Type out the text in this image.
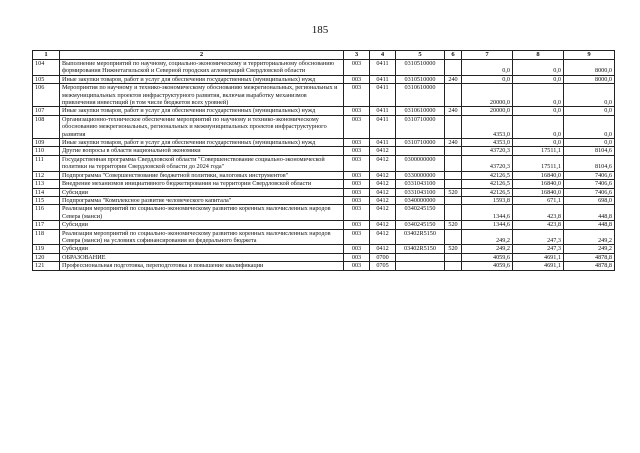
185
1	2	3	4	5	6	7	8	9
104	Выполнение мероприятий по научному, социально-экономическому и территориальному обоснованию формирования Нижнетагильской и Северной городских агломераций Свердловской области	003	0411	0310510000		0,0	0,0	8000,0
105	Иные закупки товаров, работ и услуг для обеспечения государственных (муниципальных) нужд	003	0411	0310510000	240	0,0	0,0	8000,0
106	Мероприятия по научному и технико-экономическому обоснованию межрегиональных, региональных и межмуниципальных проектов инфраструктурного развития, включая выработку механизмов привлечения инвестиций (в том числе бюджетов всех уровней)	003	0411	0310610000		20000,0	0,0	0,0
107	Иные закупки товаров, работ и услуг для обеспечения государственных (муниципальных) нужд	003	0411	0310610000	240	20000,0	0,0	0,0
108	Организационно-техническое обеспечение мероприятий по научному и технико-экономическому обоснованию межрегиональных, региональных и межмуниципальных проектов инфраструктурного развития	003	0411	0310710000		4353,0	0,0	0,0
109	Иные закупки товаров, работ и услуг для обеспечения государственных (муниципальных) нужд	003	0411	0310710000	240	4353,0	0,0	0,0
110	Другие вопросы в области национальной экономики	003	0412			43720,3	17511,1	8104,6
111	Государственная программа Свердловской области "Совершенствование социально-экономической политики на территории Свердловской области до 2024 года"	003	0412	0300000000		43720,3	17511,1	8104,6
112	Подпрограмма "Совершенствование бюджетной политики, налоговых инструментов"	003	0412	0330000000		42126,5	16840,0	7406,6
113	Внедрение механизмов инициативного бюджетирования на территории Свердловской области	003	0412	0331043100		42126,5	16840,0	7406,6
114	Субсидии	003	0412	0331043100	520	42126,5	16840,0	7406,6
115	Подпрограмма "Комплексное развитие человеческого капитала"	003	0412	0340000000		1593,8	671,1	698,0
116	Реализация мероприятий по социально-экономическому развитию коренных малочисленных народов Севера (манси)	003	0412	0340245150		1344,6	423,8	448,8
117	Субсидии	003	0412	0340245150	520	1344,6	423,8	448,8
118	Реализация мероприятий по социально-экономическому развитию коренных малочисленных народов Севера (манси) на условиях софинансирования из федерального бюджета	003	0412	03402R5150		249,2	247,3	249,2
119	Субсидии	003	0412	03402R5150	520	249,2	247,3	249,2
120	ОБРАЗОВАНИЕ	003	0700			4059,6	4691,1	4878,8
121	Профессиональная подготовка, переподготовка и повышение квалификации	003	0705			4059,6	4691,1	4878,8
